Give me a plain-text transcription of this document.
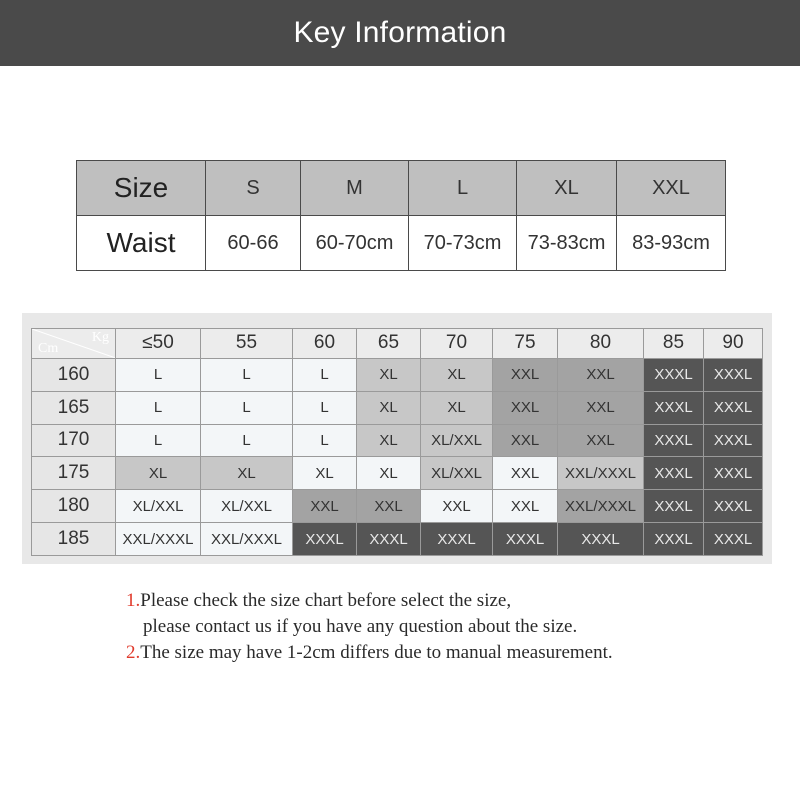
Key Information
Size	S	M	L	XL	XXL
Waist	60-66	60-70cm	70-73cm	73-83cm	83-93cm
Kg
Cm	≤50	55	60	65	70	75	80	85	90
160	L	L	L	XL	XL	XXL	XXL	XXXL	XXXL
165	L	L	L	XL	XL	XXL	XXL	XXXL	XXXL
170	L	L	L	XL	XL/XXL	XXL	XXL	XXXL	XXXL
175	XL	XL	XL	XL	XL/XXL	XXL	XXL/XXXL	XXXL	XXXL
180	XL/XXL	XL/XXL	XXL	XXL	XXL	XXL	XXL/XXXL	XXXL	XXXL
185	XXL/XXXL	XXL/XXXL	XXXL	XXXL	XXXL	XXXL	XXXL	XXXL	XXXL
1.Please check the size chart before select the size,
please contact us if you have any question about the size.
2.The size may have 1-2cm differs due to manual measurement.
